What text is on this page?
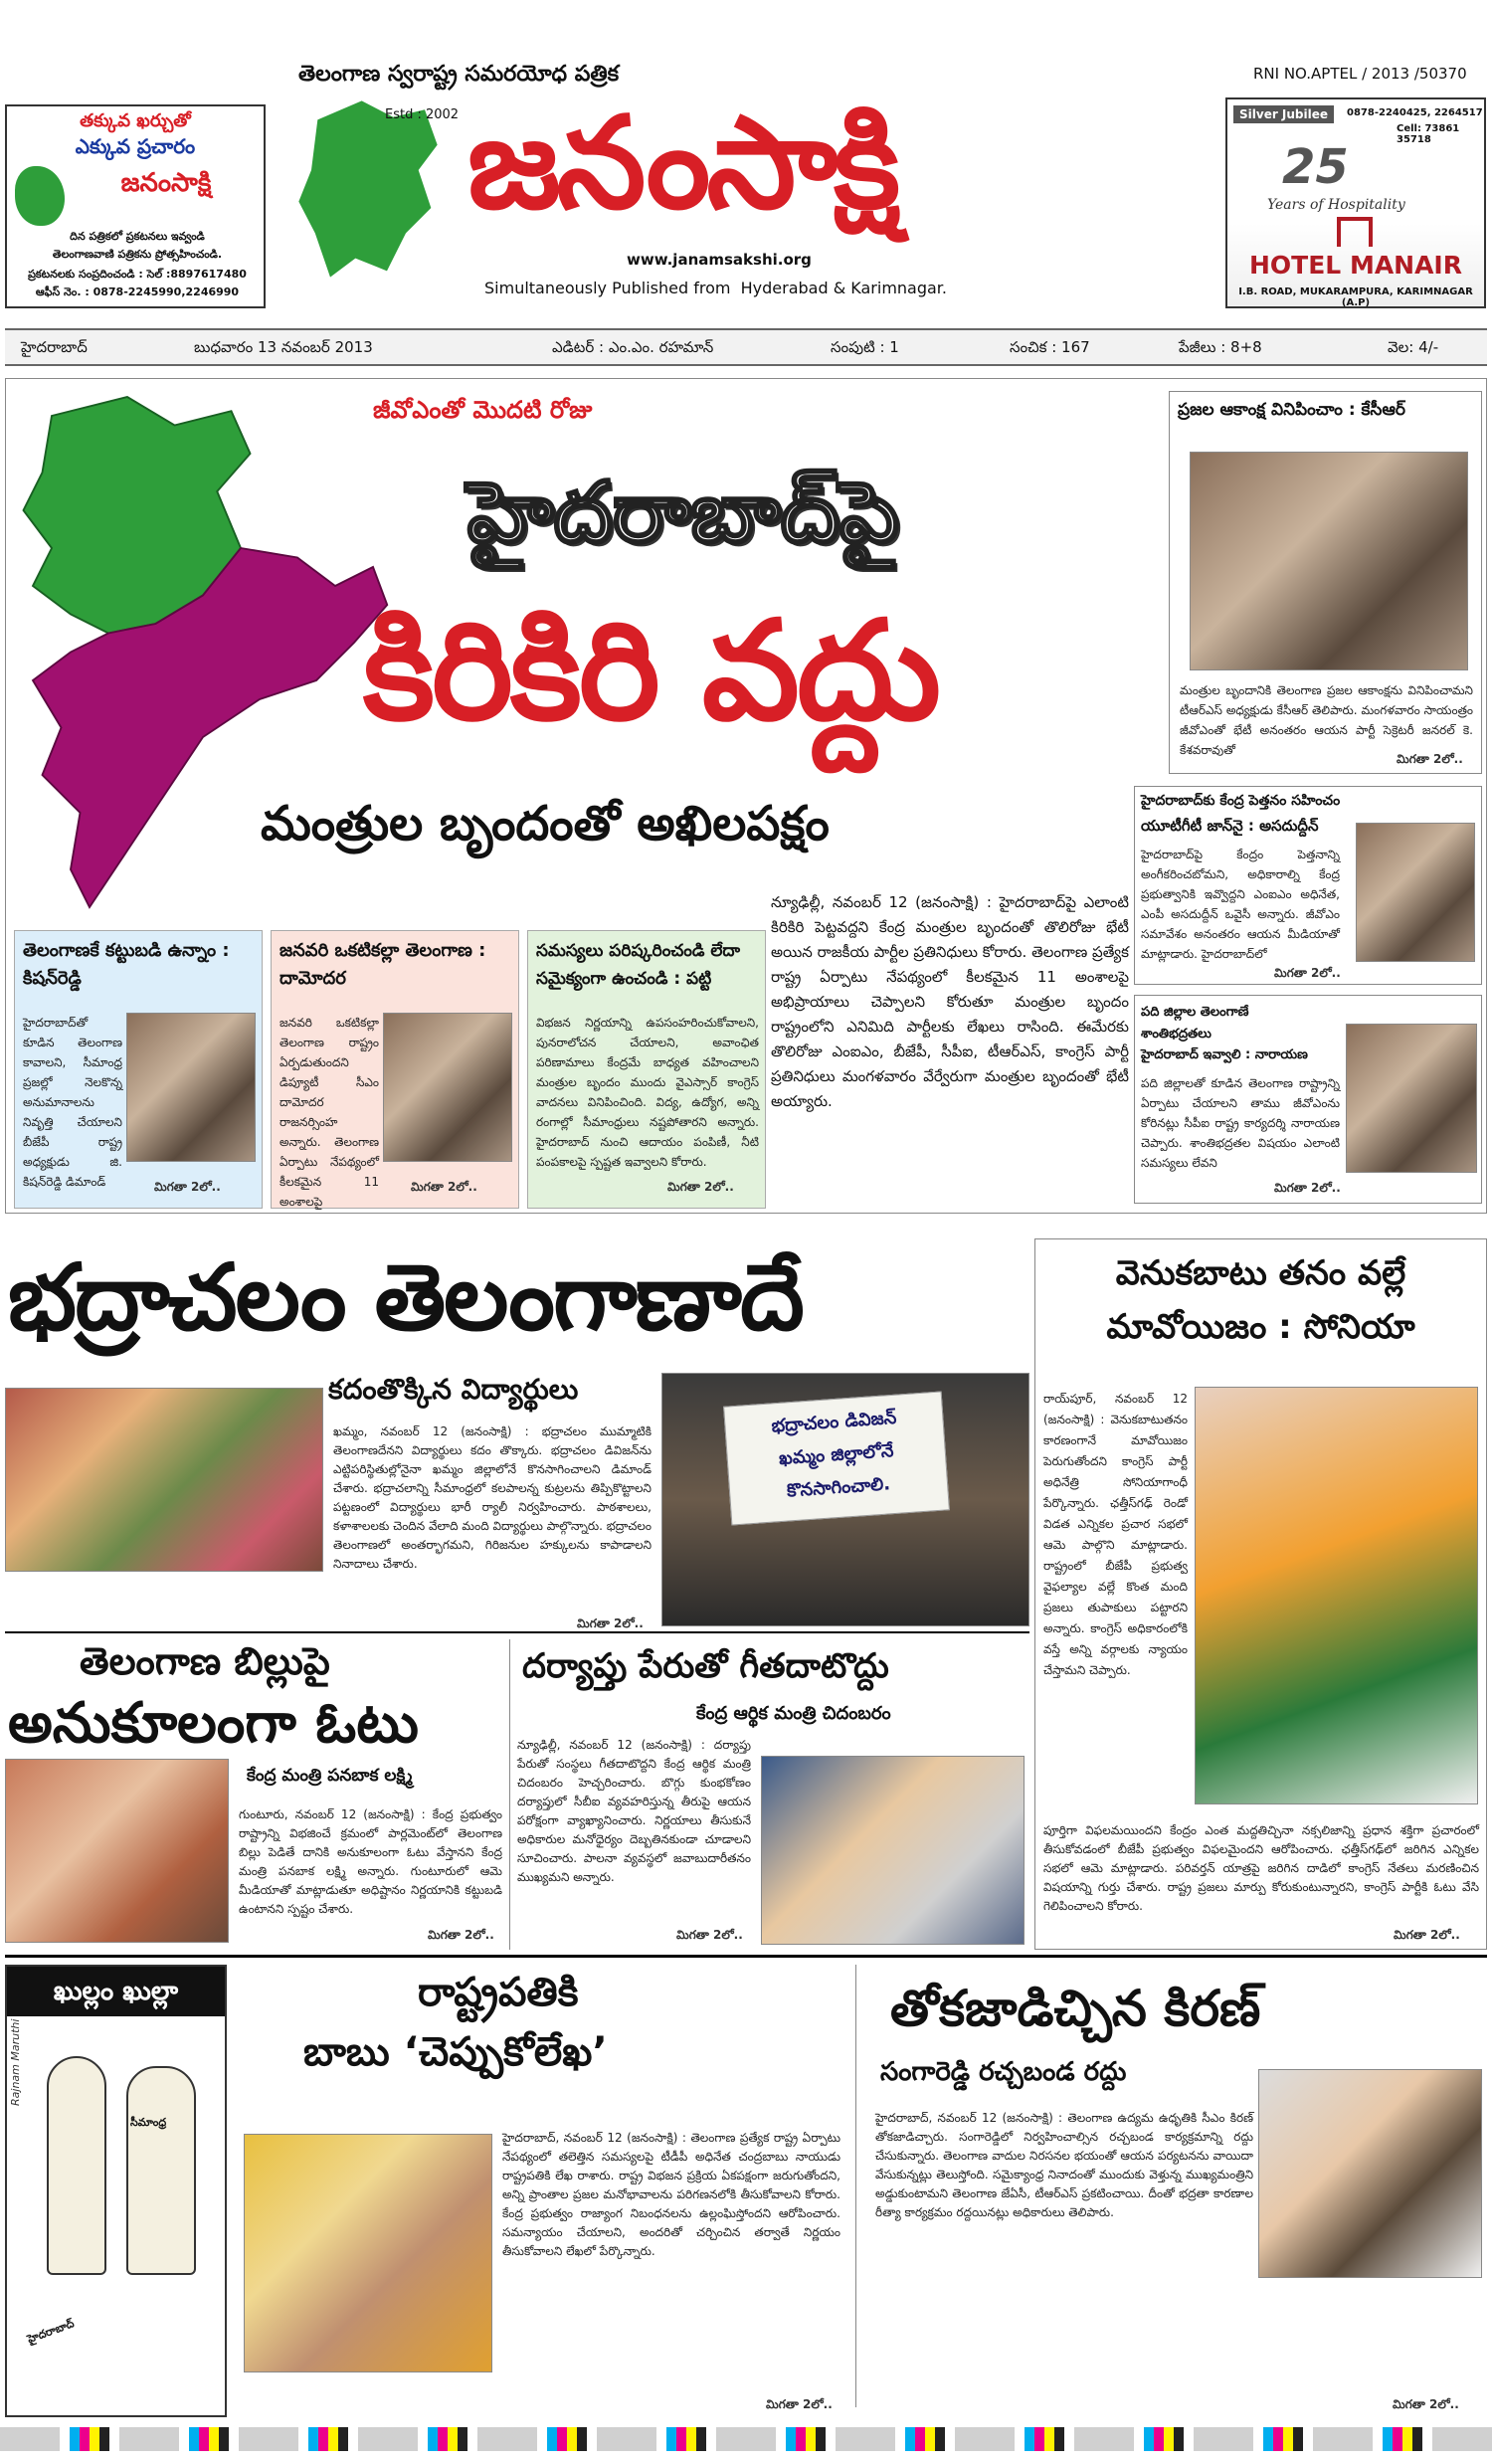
తక్కువ ఖర్చుతో
ఎక్కువ ప్రచారం
జనంసాక్షి
దిన పత్రికలో ప్రకటనలు ఇవ్వండి
తెలంగాణవాణి పత్రికను ప్రోత్సహించండి.
ప్రకటనలకు సంప్రదించండి : సెల్ :8897617480
ఆఫీస్ నెం. : 0878-2245990,2246990
తెలంగాణ స్వరాష్ట్ర సమరయోధ పత్రిక
Estd : 2002 జనంసాక్షి
www.janamsakshi.org
Simultaneously Published from  Hyderabad & Karimnagar.
RNI NO.APTEL / 2013 /50370
Silver Jubilee	0878-2240425, 2264517
Cell: 73861 35718
25
Years of Hospitality
HOTEL MANAIR
I.B. ROAD, MUKARAMPURA, KARIMNAGAR (A.P)
హైదరాబాద్	బుధవారం 13 నవంబర్ 2013	ఎడిటర్ : ఎం.ఎం. రహమాన్	సంపుటి : 1	సంచిక : 167	పేజీలు : 8+8	వెల: 4/-
జీవోఎంతో మొదటి రోజు
హైదరాబాద్‌పై
కిరికిరి వద్దు
మంత్రుల బృందంతో అఖిలపక్షం
న్యూఢిల్లీ, నవంబర్ 12 (జనంసాక్షి) : హైదరాబాద్‌పై ఎలాంటి కిరికిరి పెట్టవద్దని కేంద్ర మంత్రుల బృందంతో తొలిరోజు భేటీ అయిన రాజకీయ పార్టీల ప్రతినిధులు కోరారు. తెలంగాణ ప్రత్యేక రాష్ట్ర ఏర్పాటు నేపథ్యంలో కీలకమైన 11 అంశాలపై అభిప్రాయాలు చెప్పాలని కోరుతూ మంత్రుల బృందం రాష్ట్రంలోని ఎనిమిది పార్టీలకు లేఖలు రాసింది. ఈమేరకు తొలిరోజు ఎంఐఎం, బీజేపీ, సీపీఐ, టీఆర్‌ఎస్, కాంగ్రెస్ పార్టీ ప్రతినిధులు మంగళవారం వేర్వేరుగా మంత్రుల బృందంతో భేటీ అయ్యారు.
తెలంగాణకే కట్టుబడి ఉన్నాం : కిషన్‌రెడ్డి
హైదరాబాద్‌తో కూడిన తెలంగాణ కావాలని, సీమాంధ్ర ప్రజల్లో నెలకొన్న అనుమానాలను నివృత్తి చేయాలని బీజేపీ రాష్ట్ర అధ్యక్షుడు జి. కిషన్‌రెడ్డి డిమాండ్	మిగతా 2లో..
జనవరి ఒకటికల్లా తెలంగాణ : దామోదర
జనవరి ఒకటికల్లా తెలంగాణ రాష్ట్రం ఏర్పడుతుందని డిప్యూటీ సీఎం దామోదర రాజనర్సింహ అన్నారు. తెలంగాణ ఏర్పాటు నేపథ్యంలో కీలకమైన 11 అంశాలపై
మిగతా 2లో..
సమస్యలు పరిష్కరించండి లేదా సమైక్యంగా ఉంచండి : పట్టి
విభజన నిర్ణయాన్ని ఉపసంహరించుకోవాలని, పునరాలోచన చేయాలని, అవాంఛిత పరిణామాలు కేంద్రమే బాధ్యత వహించాలని మంత్రుల బృందం ముందు వైఎస్సార్ కాంగ్రెస్ వాదనలు వినిపించింది. విద్య, ఉద్యోగ, అన్ని రంగాల్లో సీమాంధ్రులు నష్టపోతారని అన్నారు. హైదరాబాద్ నుంచి ఆదాయం పంపిణీ, నీటి పంపకాలపై స్పష్టత ఇవ్వాలని కోరారు.
మిగతా 2లో..
ప్రజల ఆకాంక్ష వినిపించాం : కేసీఆర్
మంత్రుల బృందానికి తెలంగాణ ప్రజల ఆకాంక్షను వినిపించామని టీఆర్‌ఎస్ అధ్యక్షుడు కేసీఆర్ తెలిపారు. మంగళవారం సాయంత్రం జీవోఎంతో భేటీ అనంతరం ఆయన పార్టీ సెక్రెటరీ జనరల్ కె. కేశవరావుతో
మిగతా 2లో..
హైదరాబాద్‌కు కేంద్ర పెత్తనం సహించం
యూటీగీటీ జాన్‌నై : అసదుద్దీన్
హైదరాబాద్‌పై కేంద్రం పెత్తనాన్ని అంగీకరించబోమని, అధికారాల్ని కేంద్ర ప్రభుత్వానికి ఇవ్వొద్దని ఎంఐఎం అధినేత, ఎంపీ అసదుద్దీన్ ఒవైసీ అన్నారు. జీవోఎం సమావేశం అనంతరం ఆయన మీడియాతో మాట్లాడారు. హైదరాబాద్‌లో
మిగతా 2లో..
పది జిల్లాల తెలంగాణే శాంతిభద్రతలు
హైదరాబాద్ ఇవ్వాలి : నారాయణ
పది జిల్లాలతో కూడిన తెలంగాణ రాష్ట్రాన్ని ఏర్పాటు చేయాలని తాము జీవోఎంను కోరినట్లు సీపీఐ రాష్ట్ర కార్యదర్శి నారాయణ చెప్పారు. శాంతిభద్రతల విషయం ఎలాంటి సమస్యలు లేవని
మిగతా 2లో..
భద్రాచలం తెలంగాణాదే
కదంతొక్కిన విద్యార్థులు
ఖమ్మం, నవంబర్ 12 (జనంసాక్షి) : భద్రాచలం ముమ్మాటికి తెలంగాణదేనని విద్యార్థులు కదం తొక్కారు. భద్రాచలం డివిజన్‌ను ఎట్టిపరిస్థితుల్లోనైనా ఖమ్మం జిల్లాలోనే కొనసాగించాలని డిమాండ్ చేశారు. భద్రాచలాన్ని సీమాంధ్రలో కలపాలన్న కుట్రలను తిప్పికొట్టాలని పట్టణంలో విద్యార్థులు భారీ ర్యాలీ నిర్వహించారు. పాఠశాలలు, కళాశాలలకు చెందిన వేలాది మంది విద్యార్థులు పాల్గొన్నారు. భద్రాచలం తెలంగాణలో అంతర్భాగమని, గిరిజనుల హక్కులను కాపాడాలని నినాదాలు చేశారు.
మిగతా 2లో..
భద్రాచలం డివిజన్
ఖమ్మం జిల్లాలోనే
కొనసాగించాలి.
వెనుకబాటు తనం వల్లే
మావోయిజం : సోనియా
రాయ్‌పూర్, నవంబర్ 12 (జనంసాక్షి) : వెనుకబాటుతనం కారణంగానే మావోయిజం పెరుగుతోందని కాంగ్రెస్ పార్టీ అధినేత్రి సోనియాగాంధీ పేర్కొన్నారు. ఛత్తీస్‌గఢ్ రెండో విడత ఎన్నికల ప్రచార సభలో ఆమె పాల్గొని మాట్లాడారు. రాష్ట్రంలో బీజేపీ ప్రభుత్వ వైఫల్యాల వల్లే కొంత మంది ప్రజలు తుపాకులు పట్టారని అన్నారు. కాంగ్రెస్ అధికారంలోకి వస్తే అన్ని వర్గాలకు న్యాయం చేస్తామని చెప్పారు.
పూర్తిగా విఫలమయిందని కేంద్రం ఎంత మద్దతిచ్చినా నక్సలిజాన్ని ప్రధాన శక్తిగా ప్రచారంలో తీసుకోవడంలో బీజేపీ ప్రభుత్వం విఫలమైందని ఆరోపించారు. ఛత్తీస్‌గఢ్‌లో జరిగిన ఎన్నికల సభలో ఆమె మాట్లాడారు. పరివర్తన్ యాత్రపై జరిగిన దాడిలో కాంగ్రెస్ నేతలు మరణించిన విషయాన్ని గుర్తు చేశారు. రాష్ట్ర ప్రజలు మార్పు కోరుకుంటున్నారని, కాంగ్రెస్ పార్టీకి ఓటు వేసి గెలిపించాలని కోరారు.
మిగతా 2లో..
తెలంగాణ బిల్లుపై
అనుకూలంగా ఓటు
కేంద్ర మంత్రి పనబాక లక్ష్మి
గుంటూరు, నవంబర్ 12 (జనంసాక్షి) : కేంద్ర ప్రభుత్వం రాష్ట్రాన్ని విభజించే క్రమంలో పార్లమెంట్‌లో తెలంగాణ బిల్లు పెడితే దానికి అనుకూలంగా ఓటు వేస్తానని కేంద్ర మంత్రి పనబాక లక్ష్మి అన్నారు. గుంటూరులో ఆమె మీడియాతో మాట్లాడుతూ అధిష్టానం నిర్ణయానికి కట్టుబడి ఉంటానని స్పష్టం చేశారు.
మిగతా 2లో..
దర్యాప్తు పేరుతో గీతదాటొద్దు
కేంద్ర ఆర్థిక మంత్రి చిదంబరం
న్యూఢిల్లీ, నవంబర్ 12 (జనంసాక్షి) : దర్యాప్తు పేరుతో సంస్థలు గీతదాటొద్దని కేంద్ర ఆర్థిక మంత్రి చిదంబరం హెచ్చరించారు. బొగ్గు కుంభకోణం దర్యాప్తులో సీబీఐ వ్యవహరిస్తున్న తీరుపై ఆయన పరోక్షంగా వ్యాఖ్యానించారు. నిర్ణయాలు తీసుకునే అధికారుల మనోధైర్యం దెబ్బతినకుండా చూడాలని సూచించారు. పాలనా వ్యవస్థలో జవాబుదారీతనం ముఖ్యమని అన్నారు.
మిగతా 2లో..
ఖుల్లం ఖుల్లా
Rajnam Maruthi
సీమాంధ్ర
హైదరాబాద్
రాష్ట్రపతికి
బాబు ‘చెప్పుకోలేఖ’
హైదరాబాద్, నవంబర్ 12 (జనంసాక్షి) : తెలంగాణ ప్రత్యేక రాష్ట్ర ఏర్పాటు నేపథ్యంలో తలెత్తిన సమస్యలపై టీడీపీ అధినేత చంద్రబాబు నాయుడు రాష్ట్రపతికి లేఖ రాశారు. రాష్ట్ర విభజన ప్రక్రియ ఏకపక్షంగా జరుగుతోందని, అన్ని ప్రాంతాల ప్రజల మనోభావాలను పరిగణనలోకి తీసుకోవాలని కోరారు. కేంద్ర ప్రభుత్వం రాజ్యాంగ నిబంధనలను ఉల్లంఘిస్తోందని ఆరోపించారు. సమన్యాయం చేయాలని, అందరితో చర్చించిన తర్వాతే నిర్ణయం తీసుకోవాలని లేఖలో పేర్కొన్నారు.
మిగతా 2లో..
తోకజాడిచ్చిన కిరణ్
సంగారెడ్డి రచ్చబండ రద్దు
హైదరాబాద్, నవంబర్ 12 (జనంసాక్షి) : తెలంగాణ ఉద్యమ ఉధృతికి సీఎం కిరణ్ తోకజాడిచ్చారు. సంగారెడ్డిలో నిర్వహించాల్సిన రచ్చబండ కార్యక్రమాన్ని రద్దు చేసుకున్నారు. తెలంగాణ వాదుల నిరసనల భయంతో ఆయన పర్యటనను వాయిదా వేసుకున్నట్లు తెలుస్తోంది. సమైక్యాంధ్ర నినాదంతో ముందుకు వెళ్తున్న ముఖ్యమంత్రిని అడ్డుకుంటామని తెలంగాణ జేఏసీ, టీఆర్‌ఎస్ ప్రకటించాయి. దీంతో భద్రతా కారణాల రీత్యా కార్యక్రమం రద్దయినట్లు అధికారులు తెలిపారు.
మిగతా 2లో..
